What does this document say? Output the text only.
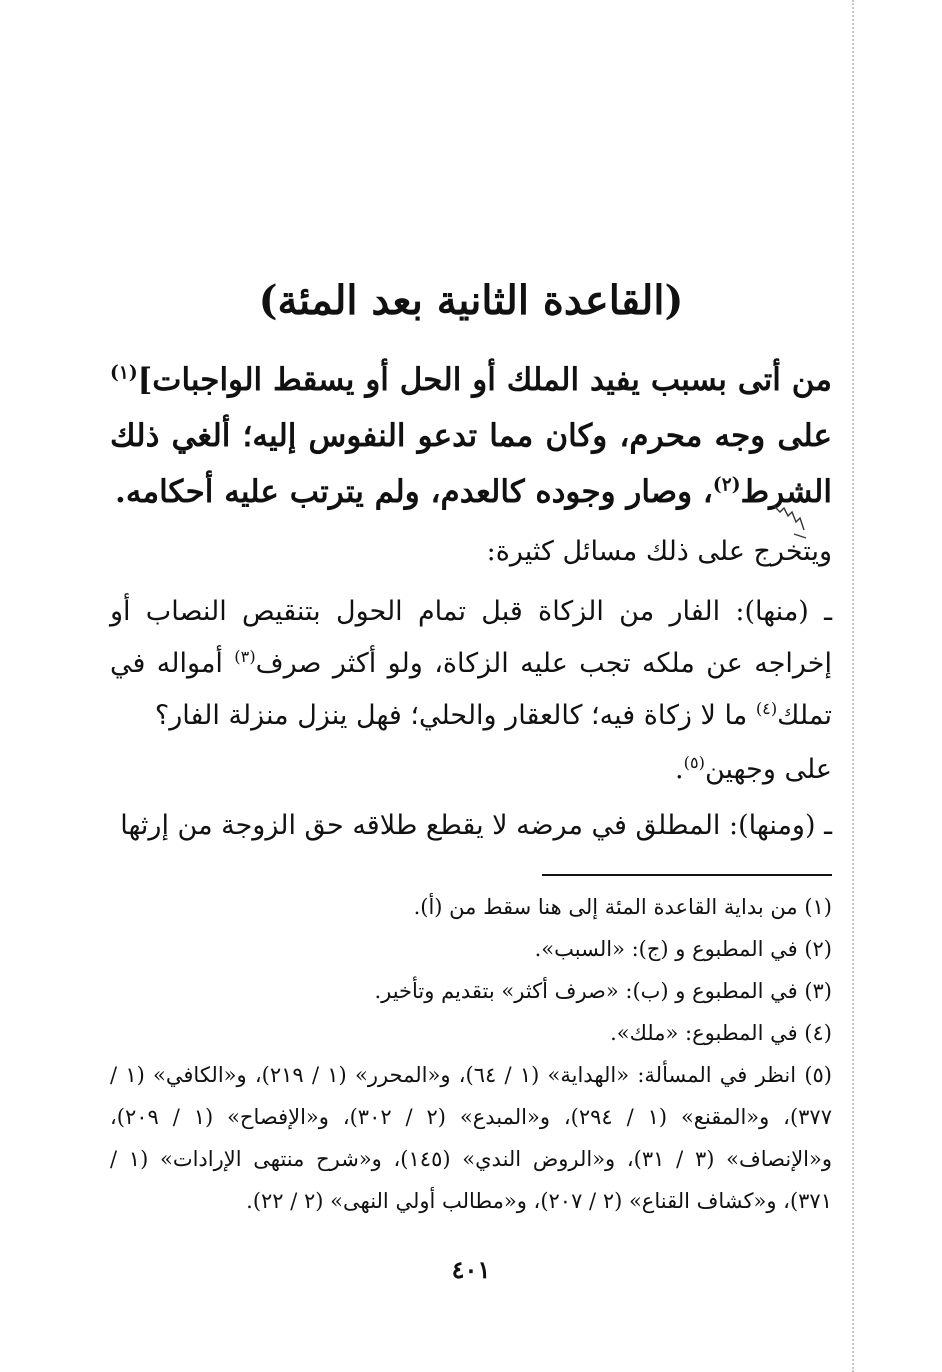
(القاعدة الثانية بعد المئة)

من أتى بسبب يفيد الملك أو الحل أو يسقط الواجبات]$^{(١)}$ على وجه محرم، وكان مما تدعو النفوس إليه؛ ألغي ذلك الشرط$^{(٢)}$، وصار وجوده كالعدم، ولم يترتب عليه أحكامه.

ويتخرج على ذلك مسائل كثيرة:

ـ (منها): الفار من الزكاة قبل تمام الحول بتنقيص النصاب أو إخراجه عن ملكه تجب عليه الزكاة، ولو أكثر صرف$^{(٣)}$ أمواله في تملك$^{(٤)}$ ما لا زكاة فيه؛ كالعقار والحلي؛ فهل ينزل منزلة الفار؟

على وجهين$^{(٥)}$.

ـ (ومنها): المطلق في مرضه لا يقطع طلاقه حق الزوجة من إرثها

(١) من بداية القاعدة المئة إلى هنا سقط من (أ).

(٢) في المطبوع و (ج): «السبب».

(٣) في المطبوع و (ب): «صرف أكثر» بتقديم وتأخير.

(٤) في المطبوع: «ملك».

(٥) انظر في المسألة: «الهداية» (١ / ٦٤)، و«المحرر» (١ / ٢١٩)، و«الكافي» (١ / ٣٧٧)، و«المقنع» (١ / ٢٩٤)، و«المبدع» (٢ / ٣٠٢)، و«الإفصاح» (١ / ٢٠٩)، و«الإنصاف» (٣ / ٣١)، و«الروض الندي» (١٤٥)، و«شرح منتهى الإرادات» (١ / ٣٧١)، و«كشاف القناع» (٢ / ٢٠٧)، و«مطالب أولي النهى» (٢ / ٢٢).

٤٠١
